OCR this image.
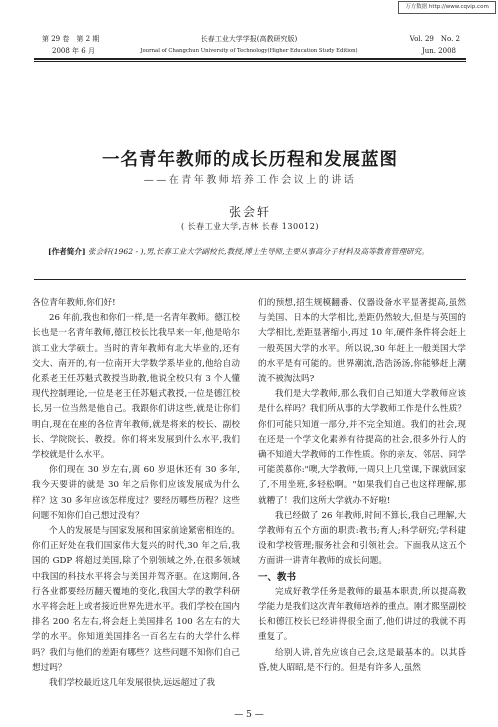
万方数据 http://www.cqvip.com
第 29 卷　第 2 期
2008 年 6 月
长春工业大学学报(高教研究版)
Journal of Changchun University of Technology(Higher Education Study Edition)
Vol. 29　No. 2
Jun. 2008
一名青年教师的成长历程和发展蓝图
——在青年教师培养工作会议上的讲话
张会轩
( 长春工业大学,吉林 长春 130012)
[作者简介] 张会轩(1962 - ),男,长春工业大学副校长,教授,博士生导师,主要从事高分子材料及高等教育管理研究。

各位青年教师,你们好!

26 年前,我也和你们一样,是一名青年教师。德江校长也是一名青年教师,德江校长比我早来一年,他是哈尔滨工业大学硕士。当时的青年教师有北大毕业的,还有交大、南开的,有一位南开大学数学系毕业的,他给自动化系老王任苏魁式教授当助教,他说全校只有 3 个人懂现代控制理论,一位是老王任苏魁式教授,一位是德江校长,另一位当然是他自己。我跟你们讲这些,就是让你们明白,现在在座的各位青年教师,就是将来的校长、副校长、学院院长、教授。你们将来发展到什么水平,我们学校就是什么水平。

你们现在 30 岁左右,离 60 岁退休还有 30 多年,我今天要讲的就是 30 年之后你们应该发展成为什么样？这 30 多年应该怎样度过？要经历哪些历程？这些问题不知你们自己想过没有？

个人的发展是与国家发展和国家前途紧密相连的。你们正好处在我们国家伟大复兴的时代,30 年之后,我国的 GDP 将超过美国,除了个别领域之外,在很多领域中我国的科技水平将会与美国并驾齐驱。在这期间,各行各业都要经历翻天覆地的变化,我国大学的教学科研水平将会赶上或者接近世界先进水平。我们学校在国内排名 200 名左右,将会赶上美国排名 100 名左右的大学的水平。你知道美国排名一百名左右的大学什么样吗？我们与他们的差距有哪些？这些问题不知你们自己想过吗？

我们学校最近这几年发展很快,远远超过了我

们的预想,招生规模翻番、仪器设备水平显著提高,虽然与美国、日本的大学相比,差距仍然较大,但是与英国的大学相比,差距显著缩小,再过 10 年,硬件条件将会赶上一般英国大学的水平。所以说,30 年赶上一般美国大学的水平是有可能的。世界潮流,浩浩汤汤,你能够赶上潮流不被淘汰吗?

我们是大学教师,那么我们自己知道大学教师应该是什么样吗？我们所从事的大学教师工作是什么性质？你们可能只知道一部分,并不完全知道。我们的社会,现在还是一个学文化素养有待提高的社会,很多外行人的确不知道大学教师的工作性质。你的亲友、邻居、同学可能羡慕你:"噢,大学教师,一周只上几堂课,下课就回家了,不用坐班,多轻松啊。"如果我们自己也这样理解,那就糟了！我们这所大学就办不好啦!

我已经做了 26 年教师,时间不算长,我自己理解,大学教师有五个方面的职责:教书;育人;科学研究;学科建设和学校管理;服务社会和引领社会。下面我从这五个方面讲一讲青年教师的成长问题。

一、教书

完成好教学任务是教师的最基本职责,所以提高教学能力是我们这次青年教师培养的重点。刚才熙坚副校长和德江校长已经讲得很全面了,他们讲过的我就不再重复了。

给别人讲,首先应该自己会,这是最基本的。以其昏昏,使人昭昭,是不行的。但是有许多人,虽然

— 5 —
